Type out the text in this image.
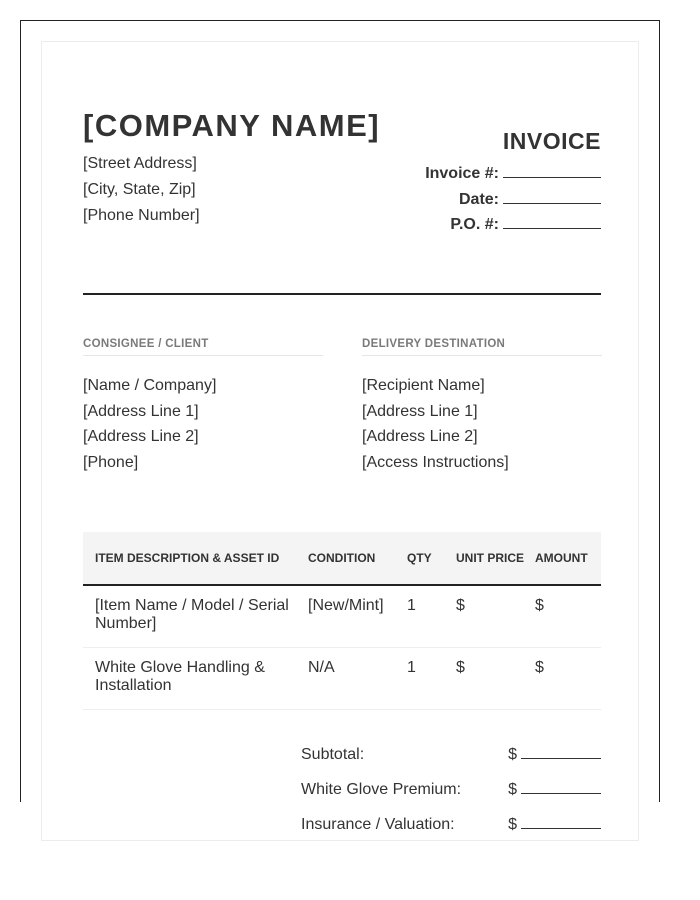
[COMPANY NAME]	INVOICE
[Street Address]
[City, State, Zip]
[Phone Number]
Invoice #:
Date:
P.O. #:
CONSIGNEE / CLIENT
[Name / Company]
[Address Line 1]
[Address Line 2]
[Phone]
DELIVERY DESTINATION
[Recipient Name]
[Address Line 1]
[Address Line 2]
[Access Instructions]
ITEM DESCRIPTION & ASSET ID	CONDITION	QTY	UNIT PRICE	AMOUNT
[Item Name / Model / Serial Number]	[New/Mint]	1	$	$
White Glove Handling & Installation	N/A	1	$	$
Subtotal:	$
White Glove Premium:	$
Insurance / Valuation:	$
